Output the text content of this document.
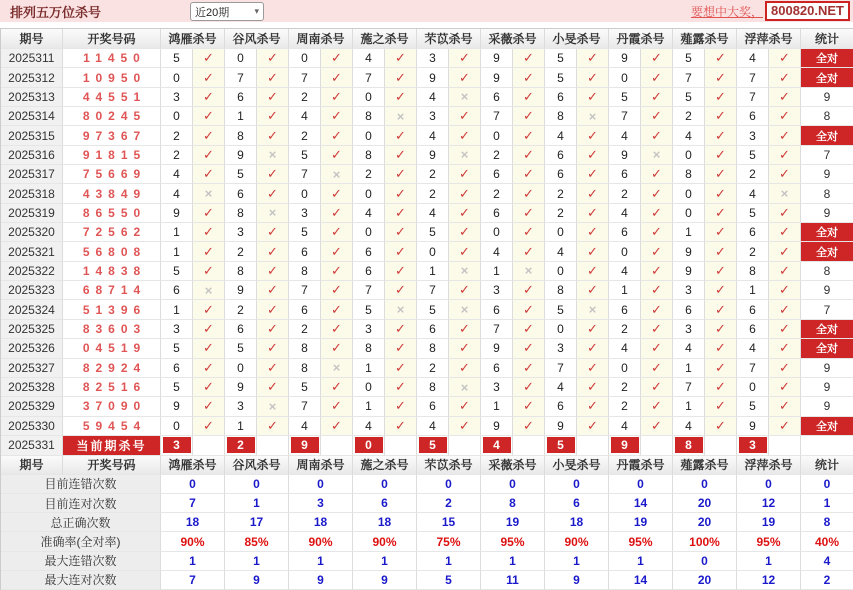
排列五万位杀号	近20期	▾	要想中大奖， 800820.NET
期号	开奖号码	鸿雁杀号	谷风杀号	周南杀号	葹之杀号	芣苡杀号	采薇杀号	小旻杀号	丹霞杀号	薤露杀号	浮萍杀号	统计
2025311	11450	5	✓	0	✓	0	✓	4	✓	3	✓	9	✓	5	✓	9	✓	5	✓	4	✓	全对
2025312	10950	0	✓	7	✓	7	✓	7	✓	9	✓	9	✓	5	✓	0	✓	7	✓	7	✓	全对
2025313	44551	3	✓	6	✓	2	✓	0	✓	4	×	6	✓	6	✓	5	✓	5	✓	7	✓	9
2025314	80245	0	✓	1	✓	4	✓	8	×	3	✓	7	✓	8	×	7	✓	2	✓	6	✓	8
2025315	97367	2	✓	8	✓	2	✓	0	✓	4	✓	0	✓	4	✓	4	✓	4	✓	3	✓	全对
2025316	91815	2	✓	9	×	5	✓	8	✓	9	×	2	✓	6	✓	9	×	0	✓	5	✓	7
2025317	75669	4	✓	5	✓	7	×	2	✓	2	✓	6	✓	6	✓	6	✓	8	✓	2	✓	9
2025318	43849	4	×	6	✓	0	✓	0	✓	2	✓	2	✓	2	✓	2	✓	0	✓	4	×	8
2025319	86550	9	✓	8	×	3	✓	4	✓	4	✓	6	✓	2	✓	4	✓	0	✓	5	✓	9
2025320	72562	1	✓	3	✓	5	✓	0	✓	5	✓	0	✓	0	✓	6	✓	1	✓	6	✓	全对
2025321	56808	1	✓	2	✓	6	✓	6	✓	0	✓	4	✓	4	✓	0	✓	9	✓	2	✓	全对
2025322	14838	5	✓	8	✓	8	✓	6	✓	1	×	1	×	0	✓	4	✓	9	✓	8	✓	8
2025323	68714	6	×	9	✓	7	✓	7	✓	7	✓	3	✓	8	✓	1	✓	3	✓	1	✓	9
2025324	51396	1	✓	2	✓	6	✓	5	×	5	×	6	✓	5	×	6	✓	6	✓	6	✓	7
2025325	83603	3	✓	6	✓	2	✓	3	✓	6	✓	7	✓	0	✓	2	✓	3	✓	6	✓	全对
2025326	04519	5	✓	5	✓	8	✓	8	✓	8	✓	9	✓	3	✓	4	✓	4	✓	4	✓	全对
2025327	82924	6	✓	0	✓	8	×	1	✓	2	✓	6	✓	7	✓	0	✓	1	✓	7	✓	9
2025328	82516	5	✓	9	✓	5	✓	0	✓	8	×	3	✓	4	✓	2	✓	7	✓	0	✓	9
2025329	37090	9	✓	3	×	7	✓	1	✓	6	✓	1	✓	6	✓	2	✓	1	✓	5	✓	9
2025330	59454	0	✓	1	✓	4	✓	4	✓	4	✓	9	✓	9	✓	4	✓	4	✓	9	✓	全对
2025331	当前期杀号	3	2	9	0	5	4	5	9	8	3
期号	开奖号码	鸿雁杀号	谷风杀号	周南杀号	葹之杀号	芣苡杀号	采薇杀号	小旻杀号	丹霞杀号	薤露杀号	浮萍杀号	统计
目前连错次数	0	0	0	0	0	0	0	0	0	0	0
目前连对次数	7	1	3	6	2	8	6	14	20	12	1
总正确次数	18	17	18	18	15	19	18	19	20	19	8
准确率(全对率)	90%	85%	90%	90%	75%	95%	90%	95%	100%	95%	40%
最大连错次数	1	1	1	1	1	1	1	1	0	1	4
最大连对次数	7	9	9	9	5	11	9	14	20	12	2
